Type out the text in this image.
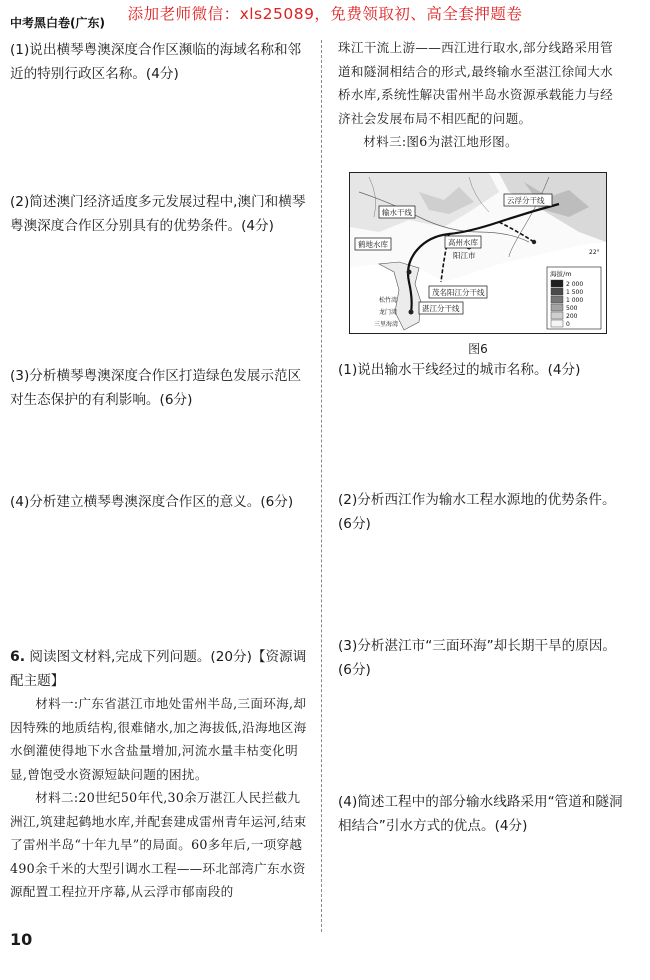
添加老师微信：xls25089，免费领取初、高全套押题卷
中考黑白卷(广东)
(1)说出横琴粤澳深度合作区濒临的海域名称和邻近的特别行政区名称。(4分)
(2)简述澳门经济适度多元发展过程中,澳门和横琴粤澳深度合作区分别具有的优势条件。(4分)
(3)分析横琴粤澳深度合作区打造绿色发展示范区对生态保护的有利影响。(6分)
(4)分析建立横琴粤澳深度合作区的意义。(6分)
6. 阅读图文材料,完成下列问题。(20分)【资源调配主题】

材料一:广东省湛江市地处雷州半岛,三面环海,却因特殊的地质结构,很难储水,加之海拔低,沿海地区海水倒灌使得地下水含盐量增加,河流水量丰枯变化明显,曾饱受水资源短缺问题的困扰。

材料二:20世纪50年代,30余万湛江人民拦截九洲江,筑建起鹤地水库,并配套建成雷州青年运河,结束了雷州半岛“十年九旱”的局面。60多年后,一项穿越490余千米的大型引调水工程——环北部湾广东水资源配置工程拉开序幕,从云浮市郁南段的

珠江干流上游——西江进行取水,部分线路采用管道和隧洞相结合的形式,最终输水至湛江徐闻大水桥水库,系统性解决雷州半岛水资源承载能力与经济社会发展布局不相匹配的问题。

材料三:图6为湛江地形图。

输水干线
云浮分干线
鹤地水库	高州水库
阳江市
茂名阳江分干线
湛江分干线
松竹湾
龙门湾
三里海湾
22°
海拔/m
2 000
1 500
1 000
500
200
0
图6
(1)说出输水干线经过的城市名称。(4分)
(2)分析西江作为输水工程水源地的优势条件。(6分)
(3)分析湛江市“三面环海”却长期干旱的原因。(6分)
(4)简述工程中的部分输水线路采用“管道和隧洞相结合”引水方式的优点。(4分)
10
